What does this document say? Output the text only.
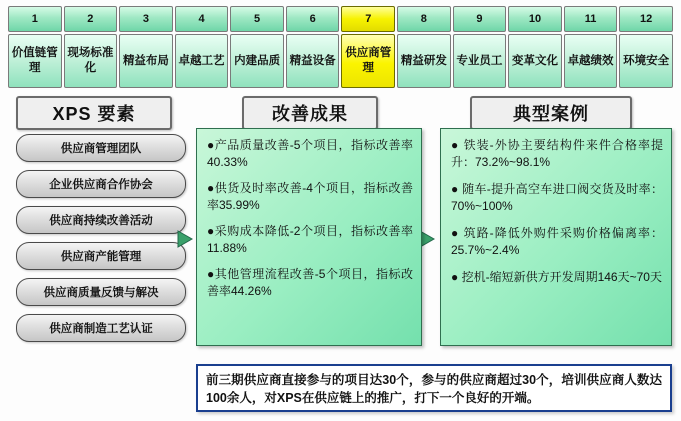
1
价值链管理
2
现场标准化
3
精益布局
4
卓越工艺
5
内建品质
6
精益设备
7
供应商管理
8
精益研发
9
专业员工
10
变革文化
11
卓越绩效
12
环境安全
XPS 要素	改善成果	典型案例
供应商管理团队
企业供应商合作协会
供应商持续改善活动
供应商产能管理
供应商质量反馈与解决
供应商制造工艺认证
●产品质量改善-5个项目，指标改善率40.33%
●供货及时率改善-4个项目，指标改善率35.99%
●采购成本降低-2个项目，指标改善率11.88%
●其他管理流程改善-5个项目，指标改善率44.26%
● 铁装-外协主要结构件来件合格率提升：73.2%~98.1%
● 随车-提升高空车进口阀交货及时率：70%~100%
● 筑路-降低外购件采购价格偏离率：25.7%~2.4%
● 挖机-缩短新供方开发周期146天~70天
前三期供应商直接参与的项目达30个，参与的供应商超过30个，培训供应商人数达100余人，对XPS在供应链上的推广，打下一个良好的开端。
